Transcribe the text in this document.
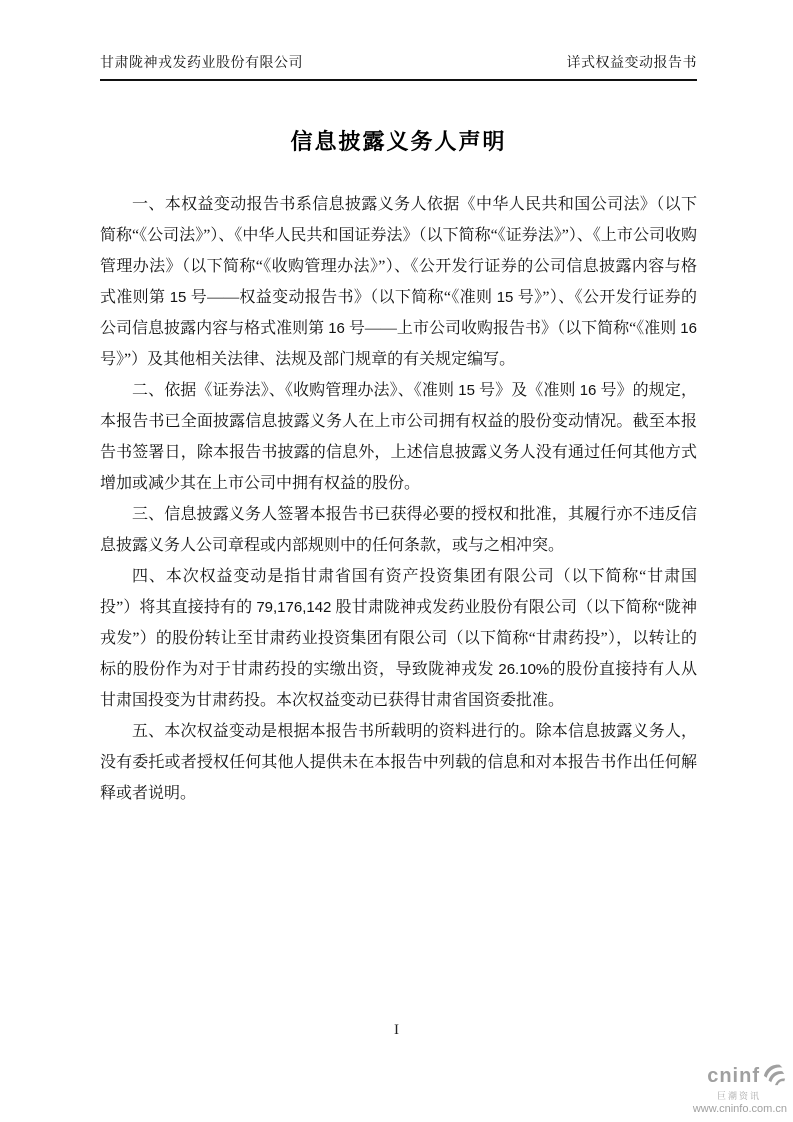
甘肃陇神戎发药业股份有限公司	详式权益变动报告书
信息披露义务人声明

一、本权益变动报告书系信息披露义务人依据《中华人民共和国公司法》（以下简称“《公司法》”）、《中华人民共和国证券法》（以下简称“《证券法》”）、《上市公司收购管理办法》（以下简称“《收购管理办法》”）、《公开发行证券的公司信息披露内容与格式准则第 15 号——权益变动报告书》（以下简称“《准则 15 号》”）、《公开发行证券的公司信息披露内容与格式准则第 16 号——上市公司收购报告书》（以下简称“《准则 16 号》”）及其他相关法律、法规及部门规章的有关规定编写。

二、依据《证券法》、《收购管理办法》、《准则 15 号》及《准则 16 号》的规定，本报告书已全面披露信息披露义务人在上市公司拥有权益的股份变动情况。截至本报告书签署日，除本报告书披露的信息外，上述信息披露义务人没有通过任何其他方式增加或减少其在上市公司中拥有权益的股份。

三、信息披露义务人签署本报告书已获得必要的授权和批准，其履行亦不违反信息披露义务人公司章程或内部规则中的任何条款，或与之相冲突。

四、本次权益变动是指甘肃省国有资产投资集团有限公司（以下简称“甘肃国投”）将其直接持有的 79,176,142 股甘肃陇神戎发药业股份有限公司（以下简称“陇神戎发”）的股份转让至甘肃药业投资集团有限公司（以下简称“甘肃药投”），以转让的标的股份作为对于甘肃药投的实缴出资，导致陇神戎发 26.10%的股份直接持有人从甘肃国投变为甘肃药投。本次权益变动已获得甘肃省国资委批准。

五、本次权益变动是根据本报告书所载明的资料进行的。除本信息披露义务人，没有委托或者授权任何其他人提供未在本报告中列载的信息和对本报告书作出任何解释或者说明。

I
cninf
巨潮资讯
www.cninfo.com.cn
